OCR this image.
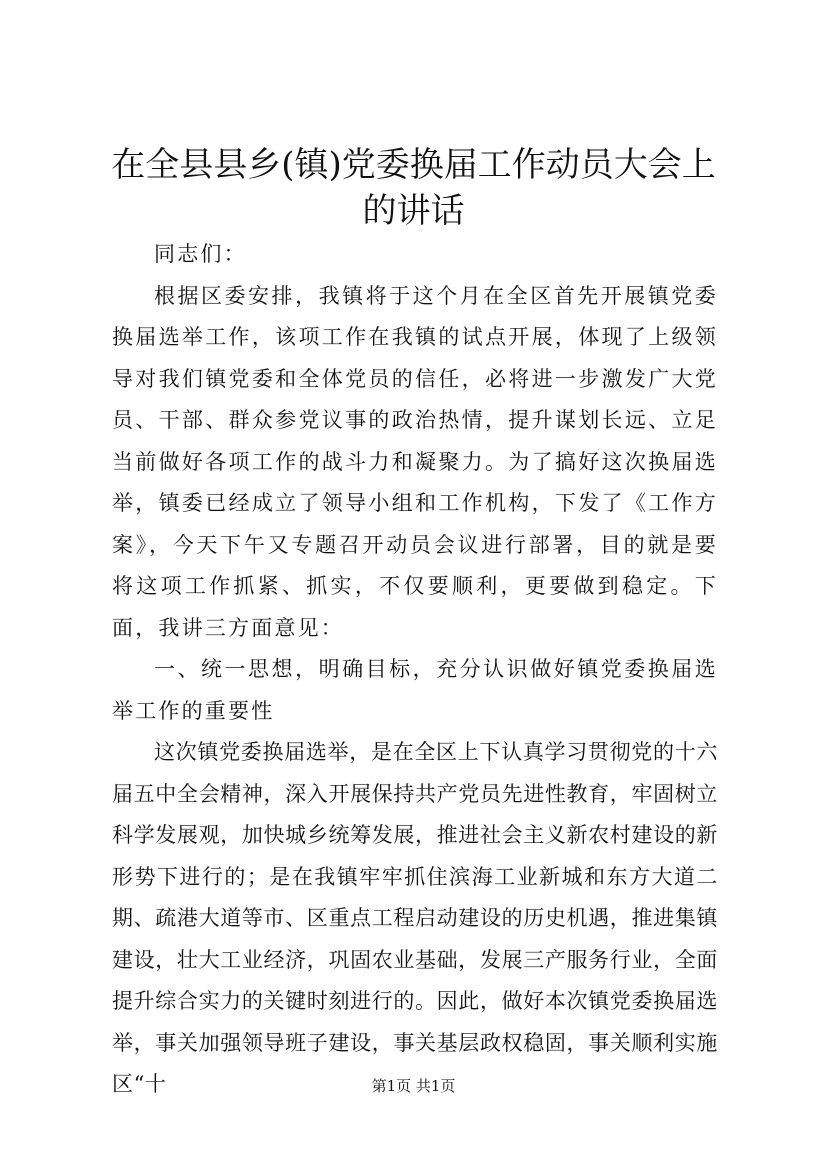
在全县县乡(镇)党委换届工作动员大会上的讲话

同志们：

根据区委安排，我镇将于这个月在全区首先开展镇党委换届选举工作，该项工作在我镇的试点开展，体现了上级领导对我们镇党委和全体党员的信任，必将进一步激发广大党员、干部、群众参党议事的政治热情，提升谋划长远、立足当前做好各项工作的战斗力和凝聚力。为了搞好这次换届选举，镇委已经成立了领导小组和工作机构，下发了《工作方案》，今天下午又专题召开动员会议进行部署，目的就是要将这项工作抓紧、抓实，不仅要顺利，更要做到稳定。下面，我讲三方面意见：

一、统一思想，明确目标，充分认识做好镇党委换届选举工作的重要性

这次镇党委换届选举，是在全区上下认真学习贯彻党的十六届五中全会精神，深入开展保持共产党员先进性教育，牢固树立科学发展观，加快城乡统筹发展，推进社会主义新农村建设的新形势下进行的；是在我镇牢牢抓住滨海工业新城和东方大道二期、疏港大道等市、区重点工程启动建设的历史机遇，推进集镇建设，壮大工业经济，巩固农业基础，发展三产服务行业，全面提升综合实力的关键时刻进行的。因此，做好本次镇党委换届选举，事关加强领导班子建设，事关基层政权稳固，事关顺利实施区“十	第1页 共1页
